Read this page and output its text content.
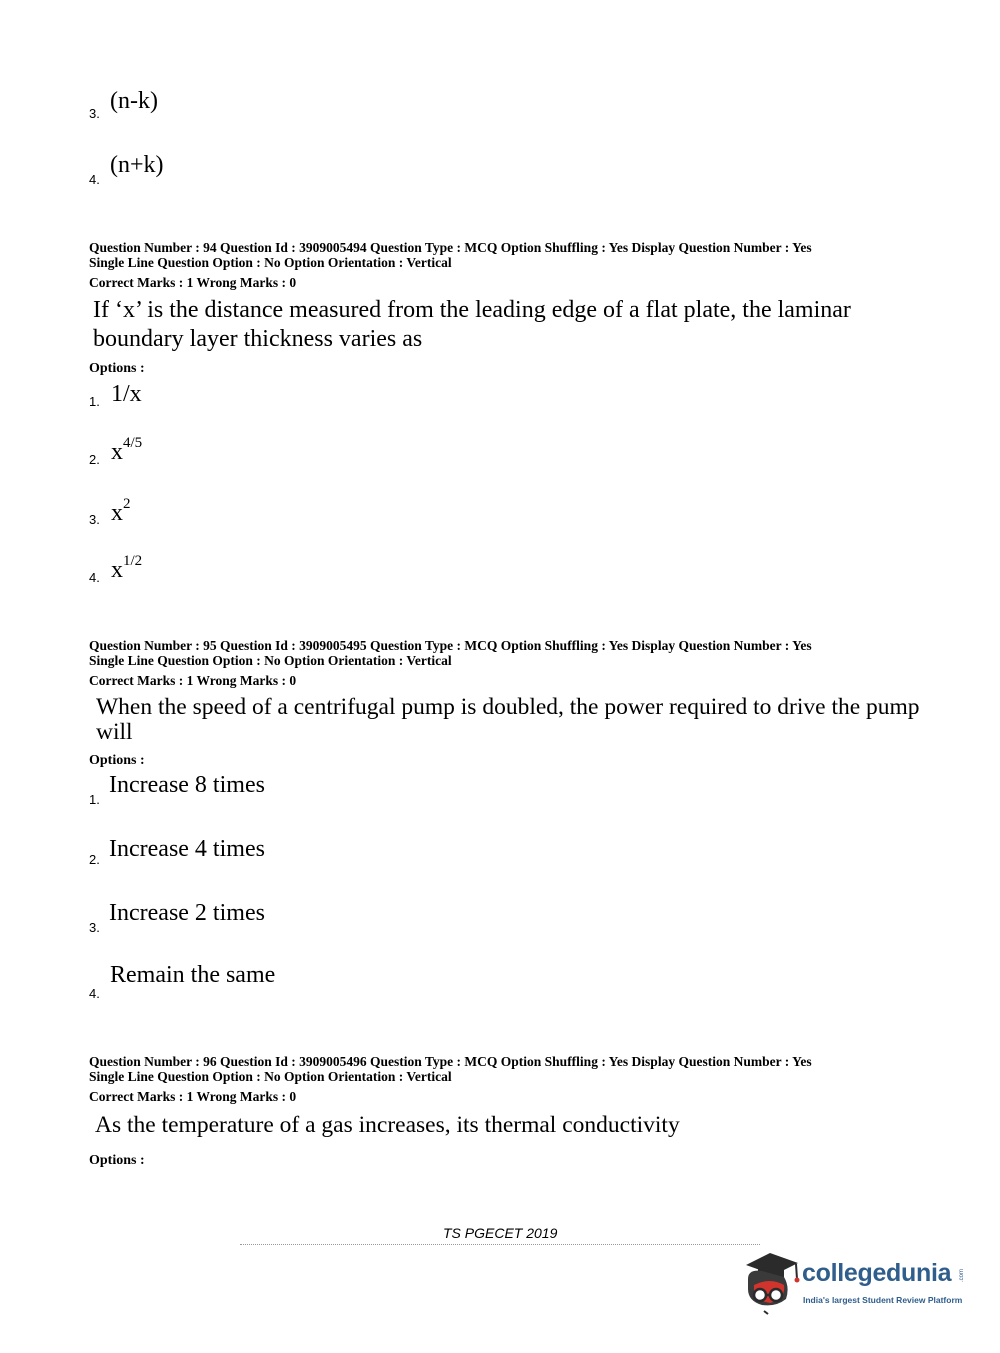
3. (n-k)
4.
(n+k)
Question Number : 94 Question Id : 3909005494 Question Type : MCQ Option Shuffling : Yes Display Question Number : Yes
Single Line Question Option : No Option Orientation : Vertical
Correct Marks : 1 Wrong Marks : 0
If ‘x’ is the distance measured from the leading edge of a flat plate, the laminar
boundary layer thickness varies as
Options :
1. 1/x
2. $x^{4/5}$
3. $x^2$
4. $x^{1/2}$
Question Number : 95 Question Id : 3909005495 Question Type : MCQ Option Shuffling : Yes Display Question Number : Yes
Single Line Question Option : No Option Orientation : Vertical
Correct Marks : 1 Wrong Marks : 0
When the speed of a centrifugal pump is doubled, the power required to drive the pump
will
Options :
1.
Increase 8 times
2. Increase 4 times
3.
Increase 2 times
4.
Remain the same
Question Number : 96 Question Id : 3909005496 Question Type : MCQ Option Shuffling : Yes Display Question Number : Yes
Single Line Question Option : No Option Orientation : Vertical
Correct Marks : 1 Wrong Marks : 0
As the temperature of a gas increases, its thermal conductivity
Options :
TS PGECET 2019
collegedunia .com
India's largest Student Review Platform
